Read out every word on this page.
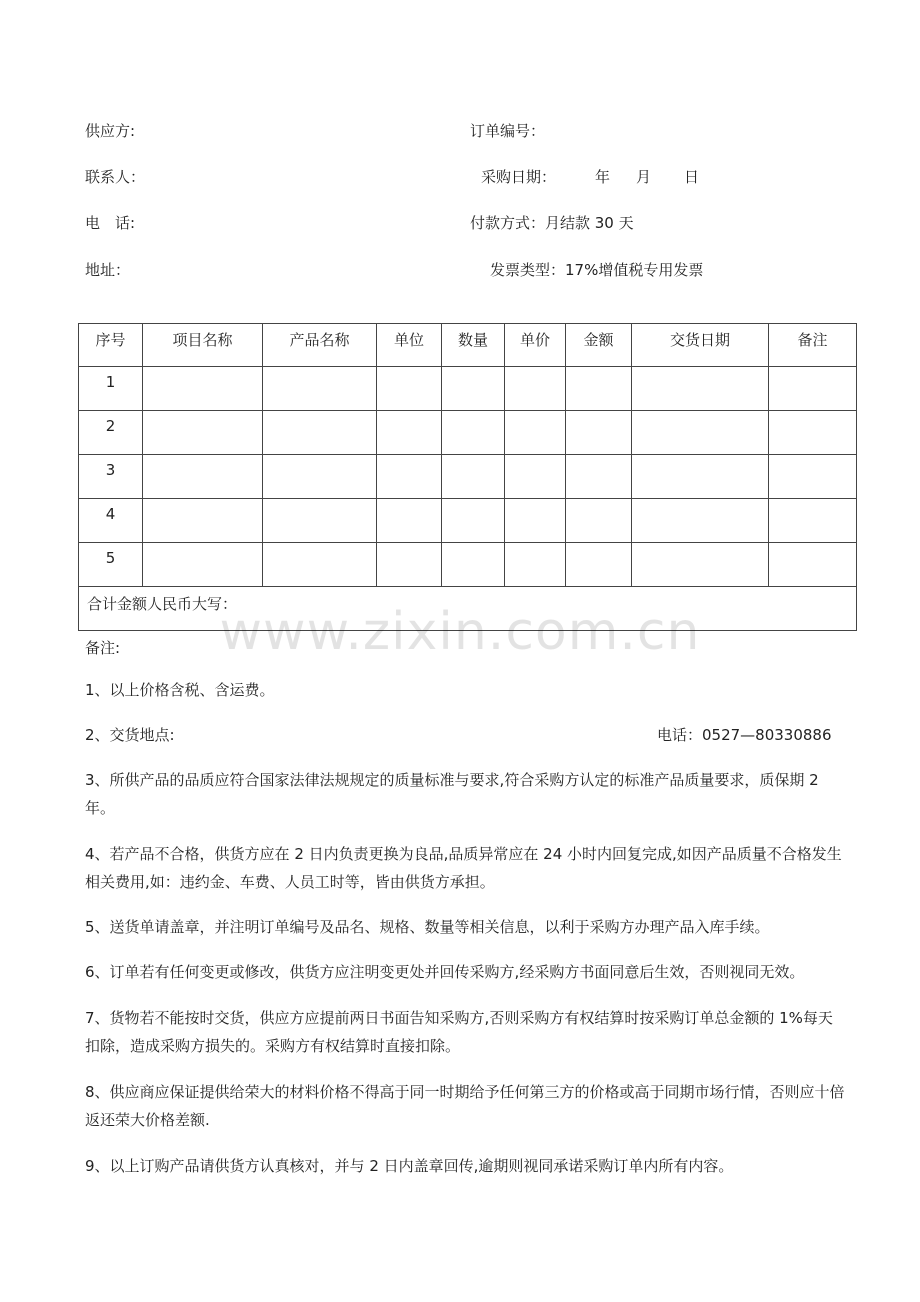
供应方:	订单编号：
联系人：	采购日期：	年 月 日
电　话:	付款方式：月结款 30 天
地址：	发票类型：17%增值税专用发票
序号	项目名称	产品名称	单位	数量	单价	金额	交货日期	备注
1								
2								
3								
4								
5								
合计金额人民币大写：								
www.zixin.com.cn
备注:
1、以上价格含税、含运费。
2、交货地点:	电话：0527—80330886
3、所供产品的品质应符合国家法律法规规定的质量标准与要求,符合采购方认定的标准产品质量要求，质保期 2 年。
4、若产品不合格，供货方应在 2 日内负责更换为良品,品质异常应在 24 小时内回复完成,如因产品质量不合格发生相关费用,如：违约金、车费、人员工时等，皆由供货方承担。
5、送货单请盖章，并注明订单编号及品名、规格、数量等相关信息，以利于采购方办理产品入库手续。
6、订单若有任何变更或修改，供货方应注明变更处并回传采购方,经采购方书面同意后生效，否则视同无效。
7、货物若不能按时交货，供应方应提前两日书面告知采购方,否则采购方有权结算时按采购订单总金额的 1%每天扣除，造成采购方损失的。采购方有权结算时直接扣除。
8、供应商应保证提供给荣大的材料价格不得高于同一时期给予任何第三方的价格或高于同期市场行情，否则应十倍返还荣大价格差额.
9、以上订购产品请供货方认真核对，并与 2 日内盖章回传,逾期则视同承诺采购订单内所有内容。
